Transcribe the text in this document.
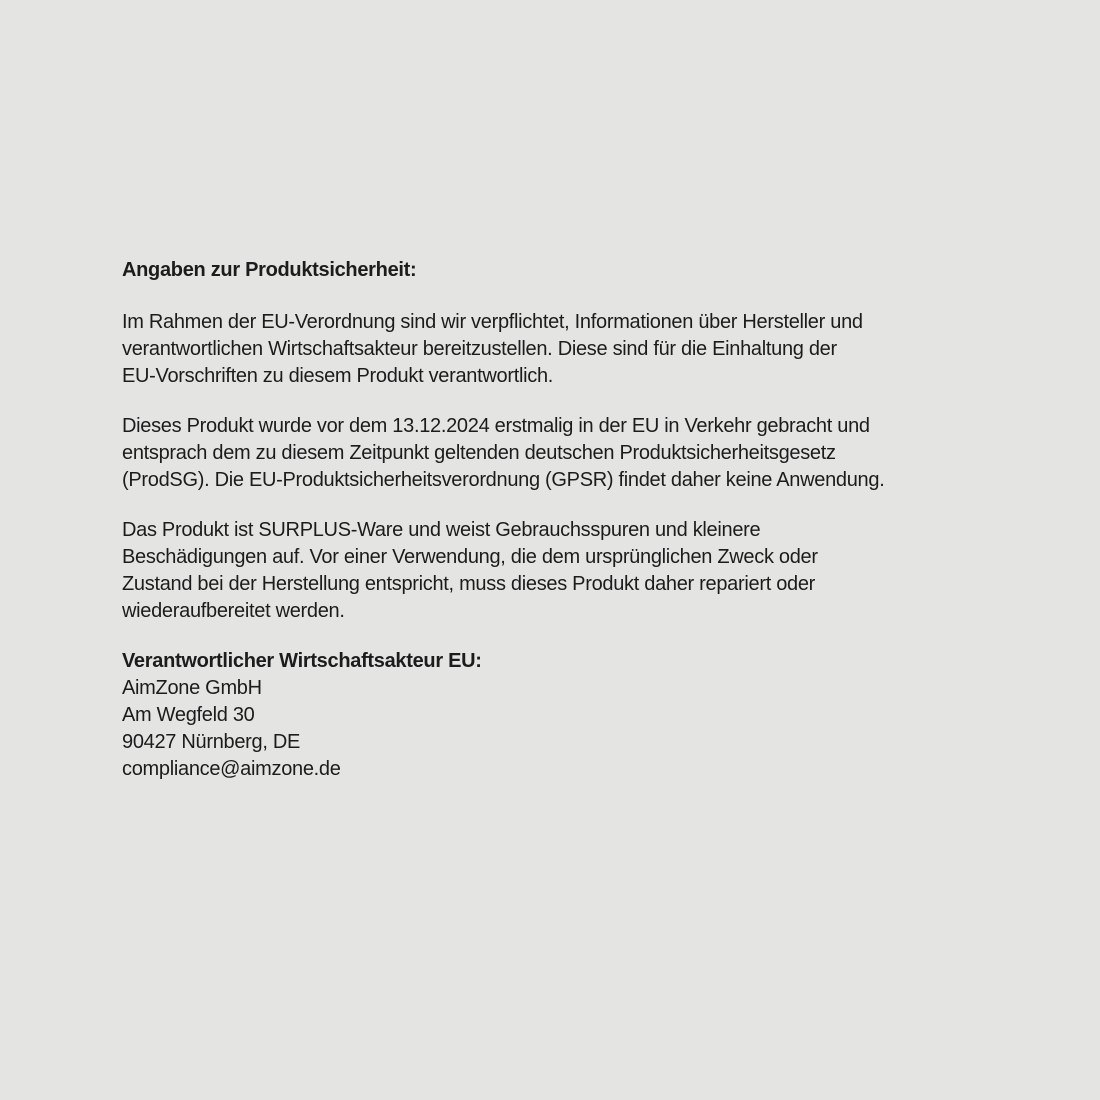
Angaben zur Produktsicherheit:
Im Rahmen der EU-Verordnung sind wir verpflichtet, Informationen über Hersteller und
verantwortlichen Wirtschaftsakteur bereitzustellen. Diese sind für die Einhaltung der
EU-Vorschriften zu diesem Produkt verantwortlich.
Dieses Produkt wurde vor dem 13.12.2024 erstmalig in der EU in Verkehr gebracht und
entsprach dem zu diesem Zeitpunkt geltenden deutschen Produktsicherheitsgesetz
(ProdSG). Die EU-Produktsicherheitsverordnung (GPSR) findet daher keine Anwendung.
Das Produkt ist SURPLUS-Ware und weist Gebrauchsspuren und kleinere
Beschädigungen auf. Vor einer Verwendung, die dem ursprünglichen Zweck oder
Zustand bei der Herstellung entspricht, muss dieses Produkt daher repariert oder
wiederaufbereitet werden.
Verantwortlicher Wirtschaftsakteur EU:
AimZone GmbH
Am Wegfeld 30
90427 Nürnberg, DE
compliance@aimzone.de
